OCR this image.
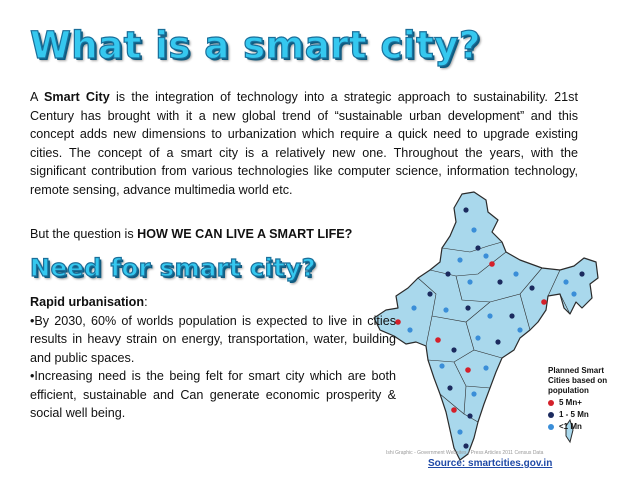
What is a smart city?
A Smart City is the integration of technology into a strategic approach to sustainability. 21st Century has brought with it a new global trend of “sustainable urban development” and this concept adds new dimensions to urbanization which require a quick need to upgrade existing cities. The concept of a smart city is a relatively new one. Throughout the years, with the significant contribution from various technologies like computer science, information technology, remote sensing, advance multimedia world etc.
But the question is HOW WE CAN LIVE A SMART LIFE?
Need for smart city?
Planned Smart Cities based on population
5 Mn+
1 - 5 Mn
<1 Mn
Ishi Graphic - Government Websites / Press Articles 2011 Census Data
Rapid urbanisation:
•By 2030, 60% of worlds population is expected to live in cities results in heavy strain on energy, transportation, water, building and public spaces.
•Increasing need is the being felt for smart city which are both efficient, sustainable and Can generate economic prosperity & social well being.
Source: smartcities.gov.in
